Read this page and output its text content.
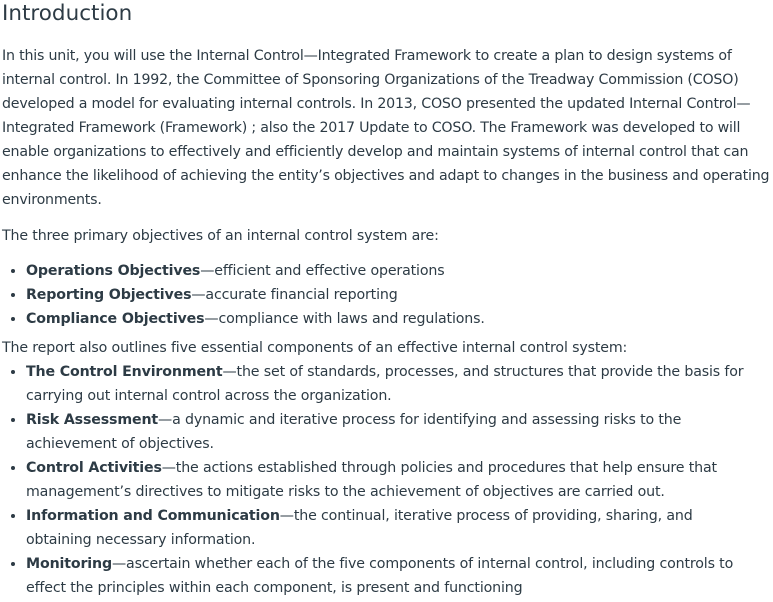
Introduction

In this unit, you will use the Internal Control—Integrated Framework to create a plan to design systems of internal control. In 1992, the Committee of Sponsoring Organizations of the Treadway Commission (COSO) developed a model for evaluating internal controls. In 2013, COSO presented the updated Internal Control—Integrated Framework (Framework) ; also the 2017 Update to COSO. The Framework was developed to will enable organizations to effectively and efficiently develop and maintain systems of internal control that can enhance the likelihood of achieving the entity’s objectives and adapt to changes in the business and operating environments.

The three primary objectives of an internal control system are:

• Operations Objectives—efficient and effective operations
• Reporting Objectives—accurate financial reporting
• Compliance Objectives—compliance with laws and regulations.

The report also outlines five essential components of an effective internal control system:

• The Control Environment—the set of standards, processes, and structures that provide the basis for carrying out internal control across the organization.
• Risk Assessment—a dynamic and iterative process for identifying and assessing risks to the achievement of objectives.
• Control Activities—the actions established through policies and procedures that help ensure that management’s directives to mitigate risks to the achievement of objectives are carried out.
• Information and Communication—the continual, iterative process of providing, sharing, and obtaining necessary information.
• Monitoring—ascertain whether each of the five components of internal control, including controls to effect the principles within each component, is present and functioning
